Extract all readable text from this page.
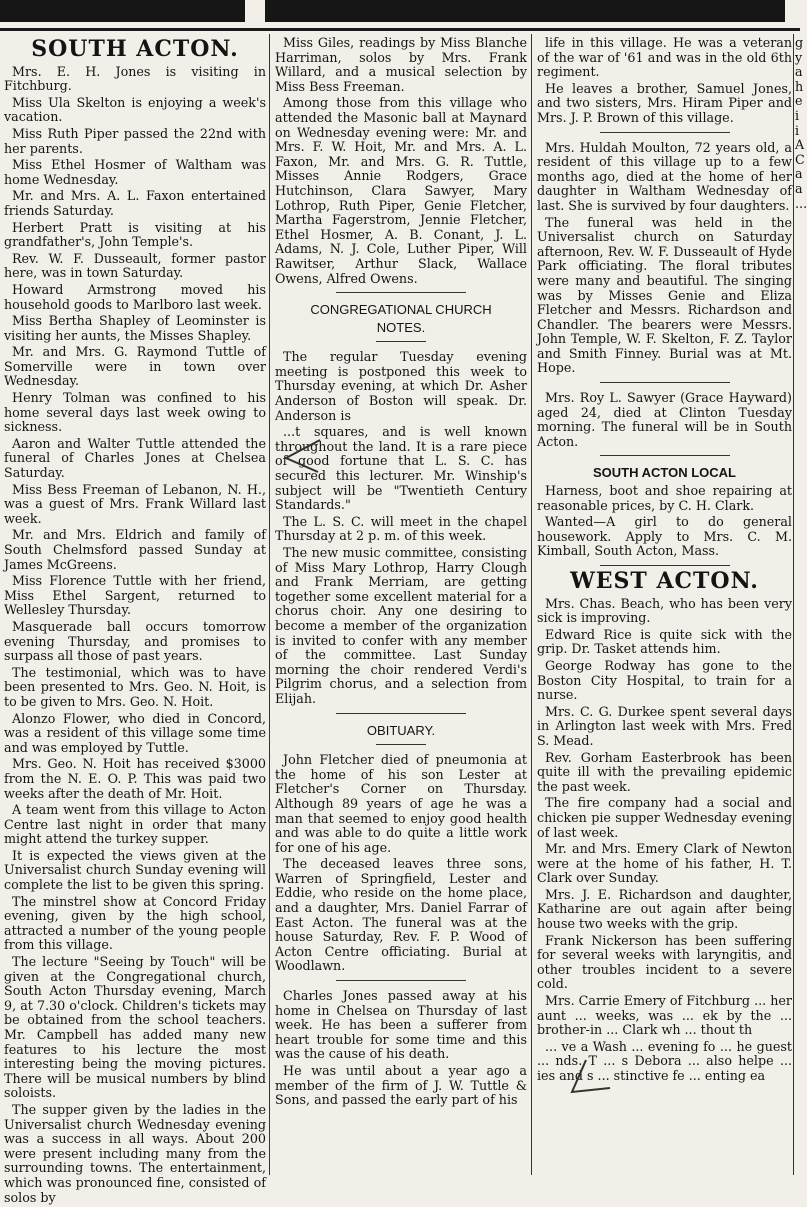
SOUTH ACTON.

Mrs. E. H. Jones is visiting in Fitchburg.

Miss Ula Skelton is enjoying a week's vacation.

Miss Ruth Piper passed the 22nd with her parents.

Miss Ethel Hosmer of Waltham was home Wednesday.

Mr. and Mrs. A. L. Faxon entertained friends Saturday.

Herbert Pratt is visiting at his grandfather's, John Temple's.

Rev. W. F. Dusseault, former pastor here, was in town Saturday.

Howard Armstrong moved his household goods to Marlboro last week.

Miss Bertha Shapley of Leominster is visiting her aunts, the Misses Shapley.

Mr. and Mrs. G. Raymond Tuttle of Somerville were in town over Wednesday.

Henry Tolman was confined to his home several days last week owing to sickness.

Aaron and Walter Tuttle attended the funeral of Charles Jones at Chelsea Saturday.

Miss Bess Freeman of Lebanon, N. H., was a guest of Mrs. Frank Willard last week.

Mr. and Mrs. Eldrich and family of South Chelmsford passed Sunday at James McGreens.

Miss Florence Tuttle with her friend, Miss Ethel Sargent, returned to Wellesley Thursday.

Masquerade ball occurs tomorrow evening Thursday, and promises to surpass all those of past years.

The testimonial, which was to have been presented to Mrs. Geo. N. Hoit, is to be given to Mrs. Geo. N. Hoit.

Alonzo Flower, who died in Concord, was a resident of this village some time and was employed by Tuttle.

Mrs. Geo. N. Hoit has received $3000 from the N. E. O. P. This was paid two weeks after the death of Mr. Hoit.

A team went from this village to Acton Centre last night in order that many might attend the turkey supper.

It is expected the views given at the Universalist church Sunday evening will complete the list to be given this spring.

The minstrel show at Concord Friday evening, given by the high school, attracted a number of the young people from this village.

The lecture "Seeing by Touch" will be given at the Congregational church, South Acton Thursday evening, March 9, at 7.30 o'clock. Children's tickets may be obtained from the school teachers. Mr. Campbell has added many new features to his lecture the most interesting being the moving pictures. There will be musical numbers by blind soloists.

The supper given by the ladies in the Universalist church Wednesday evening was a success in all ways. About 200 were present including many from the surrounding towns. The entertainment, which was pronounced fine, consisted of solos by

Miss Giles, readings by Miss Blanche Harriman, solos by Mrs. Frank Willard, and a musical selection by Miss Bess Freeman.

Among those from this village who attended the Masonic ball at Maynard on Wednesday evening were: Mr. and Mrs. F. W. Hoit, Mr. and Mrs. A. L. Faxon, Mr. and Mrs. G. R. Tuttle, Misses Annie Rodgers, Grace Hutchinson, Clara Sawyer, Mary Lothrop, Ruth Piper, Genie Fletcher, Martha Fagerstrom, Jennie Fletcher, Ethel Hosmer, A. B. Conant, J. L. Adams, N. J. Cole, Luther Piper, Will Rawitser, Arthur Slack, Wallace Owens, Alfred Owens.

CONGREGATIONAL CHURCH
NOTES.

The regular Tuesday evening meeting is postponed this week to Thursday evening, at which Dr. Asher Anderson of Boston will speak. Dr. Anderson is

...t squares, and is well known throughout the land. It is a rare piece of good fortune that L. S. C. has secured this lecturer. Mr. Winship's subject will be "Twentieth Century Standards."

The L. S. C. will meet in the chapel Thursday at 2 p. m. of this week.

The new music committee, consisting of Miss Mary Lothrop, Harry Clough and Frank Merriam, are getting together some excellent material for a chorus choir. Any one desiring to become a member of the organization is invited to confer with any member of the committee. Last Sunday morning the choir rendered Verdi's Pilgrim chorus, and a selection from Elijah.

OBITUARY.

John Fletcher died of pneumonia at the home of his son Lester at Fletcher's Corner on Thursday. Although 89 years of age he was a man that seemed to enjoy good health and was able to do quite a little work for one of his age.

The deceased leaves three sons, Warren of Springfield, Lester and Eddie, who reside on the home place, and a daughter, Mrs. Daniel Farrar of East Acton. The funeral was at the house Saturday, Rev. F. P. Wood of Acton Centre officiating. Burial at Woodlawn.

Charles Jones passed away at his home in Chelsea on Thursday of last week. He has been a sufferer from heart trouble for some time and this was the cause of his death.

He was until about a year ago a member of the firm of J. W. Tuttle & Sons, and passed the early part of his

life in this village. He was a veteran of the war of '61 and was in the old 6th regiment.

He leaves a brother, Samuel Jones, and two sisters, Mrs. Hiram Piper and Mrs. J. P. Brown of this village.

Mrs. Huldah Moulton, 72 years old, a resident of this village up to a few months ago, died at the home of her daughter in Waltham Wednesday of last. She is survived by four daughters.

The funeral was held in the Universalist church on Saturday afternoon, Rev. W. F. Dusseault of Hyde Park officiating. The floral tributes were many and beautiful. The singing was by Misses Genie and Eliza Fletcher and Messrs. Richardson and Chandler. The bearers were Messrs. John Temple, W. F. Skelton, F. Z. Taylor and Smith Finney. Burial was at Mt. Hope.

Mrs. Roy L. Sawyer (Grace Hayward) aged 24, died at Clinton Tuesday morning. The funeral will be in South Acton.

SOUTH ACTON LOCAL

Harness, boot and shoe repairing at reasonable prices, by C. H. Clark.

Wanted—A girl to do general housework. Apply to Mrs. C. M. Kimball, South Acton, Mass.

WEST ACTON.

Mrs. Chas. Beach, who has been very sick is improving.

Edward Rice is quite sick with the grip. Dr. Tasket attends him.

George Rodway has gone to the Boston City Hospital, to train for a nurse.

Mrs. C. G. Durkee spent several days in Arlington last week with Mrs. Fred S. Mead.

Rev. Gorham Easterbrook has been quite ill with the prevailing epidemic the past week.

The fire company had a social and chicken pie supper Wednesday evening of last week.

Mr. and Mrs. Emery Clark of Newton were at the home of his father, H. T. Clark over Sunday.

Mrs. J. E. Richardson and daughter, Katharine are out again after being house two weeks with the grip.

Frank Nickerson has been suffering for several weeks with laryngitis, and other troubles incident to a severe cold.

Mrs. Carrie Emery of Fitchburg ... her aunt ... weeks, was ... ek by the ... brother-in ... Clark wh ... thout th

... ve a Wash ... evening fo ... he guest ... nds. T ... s Debora ... also helpe ... ies and s ... stinctive fe ... enting ea

g y a h e i i A C a a ...
